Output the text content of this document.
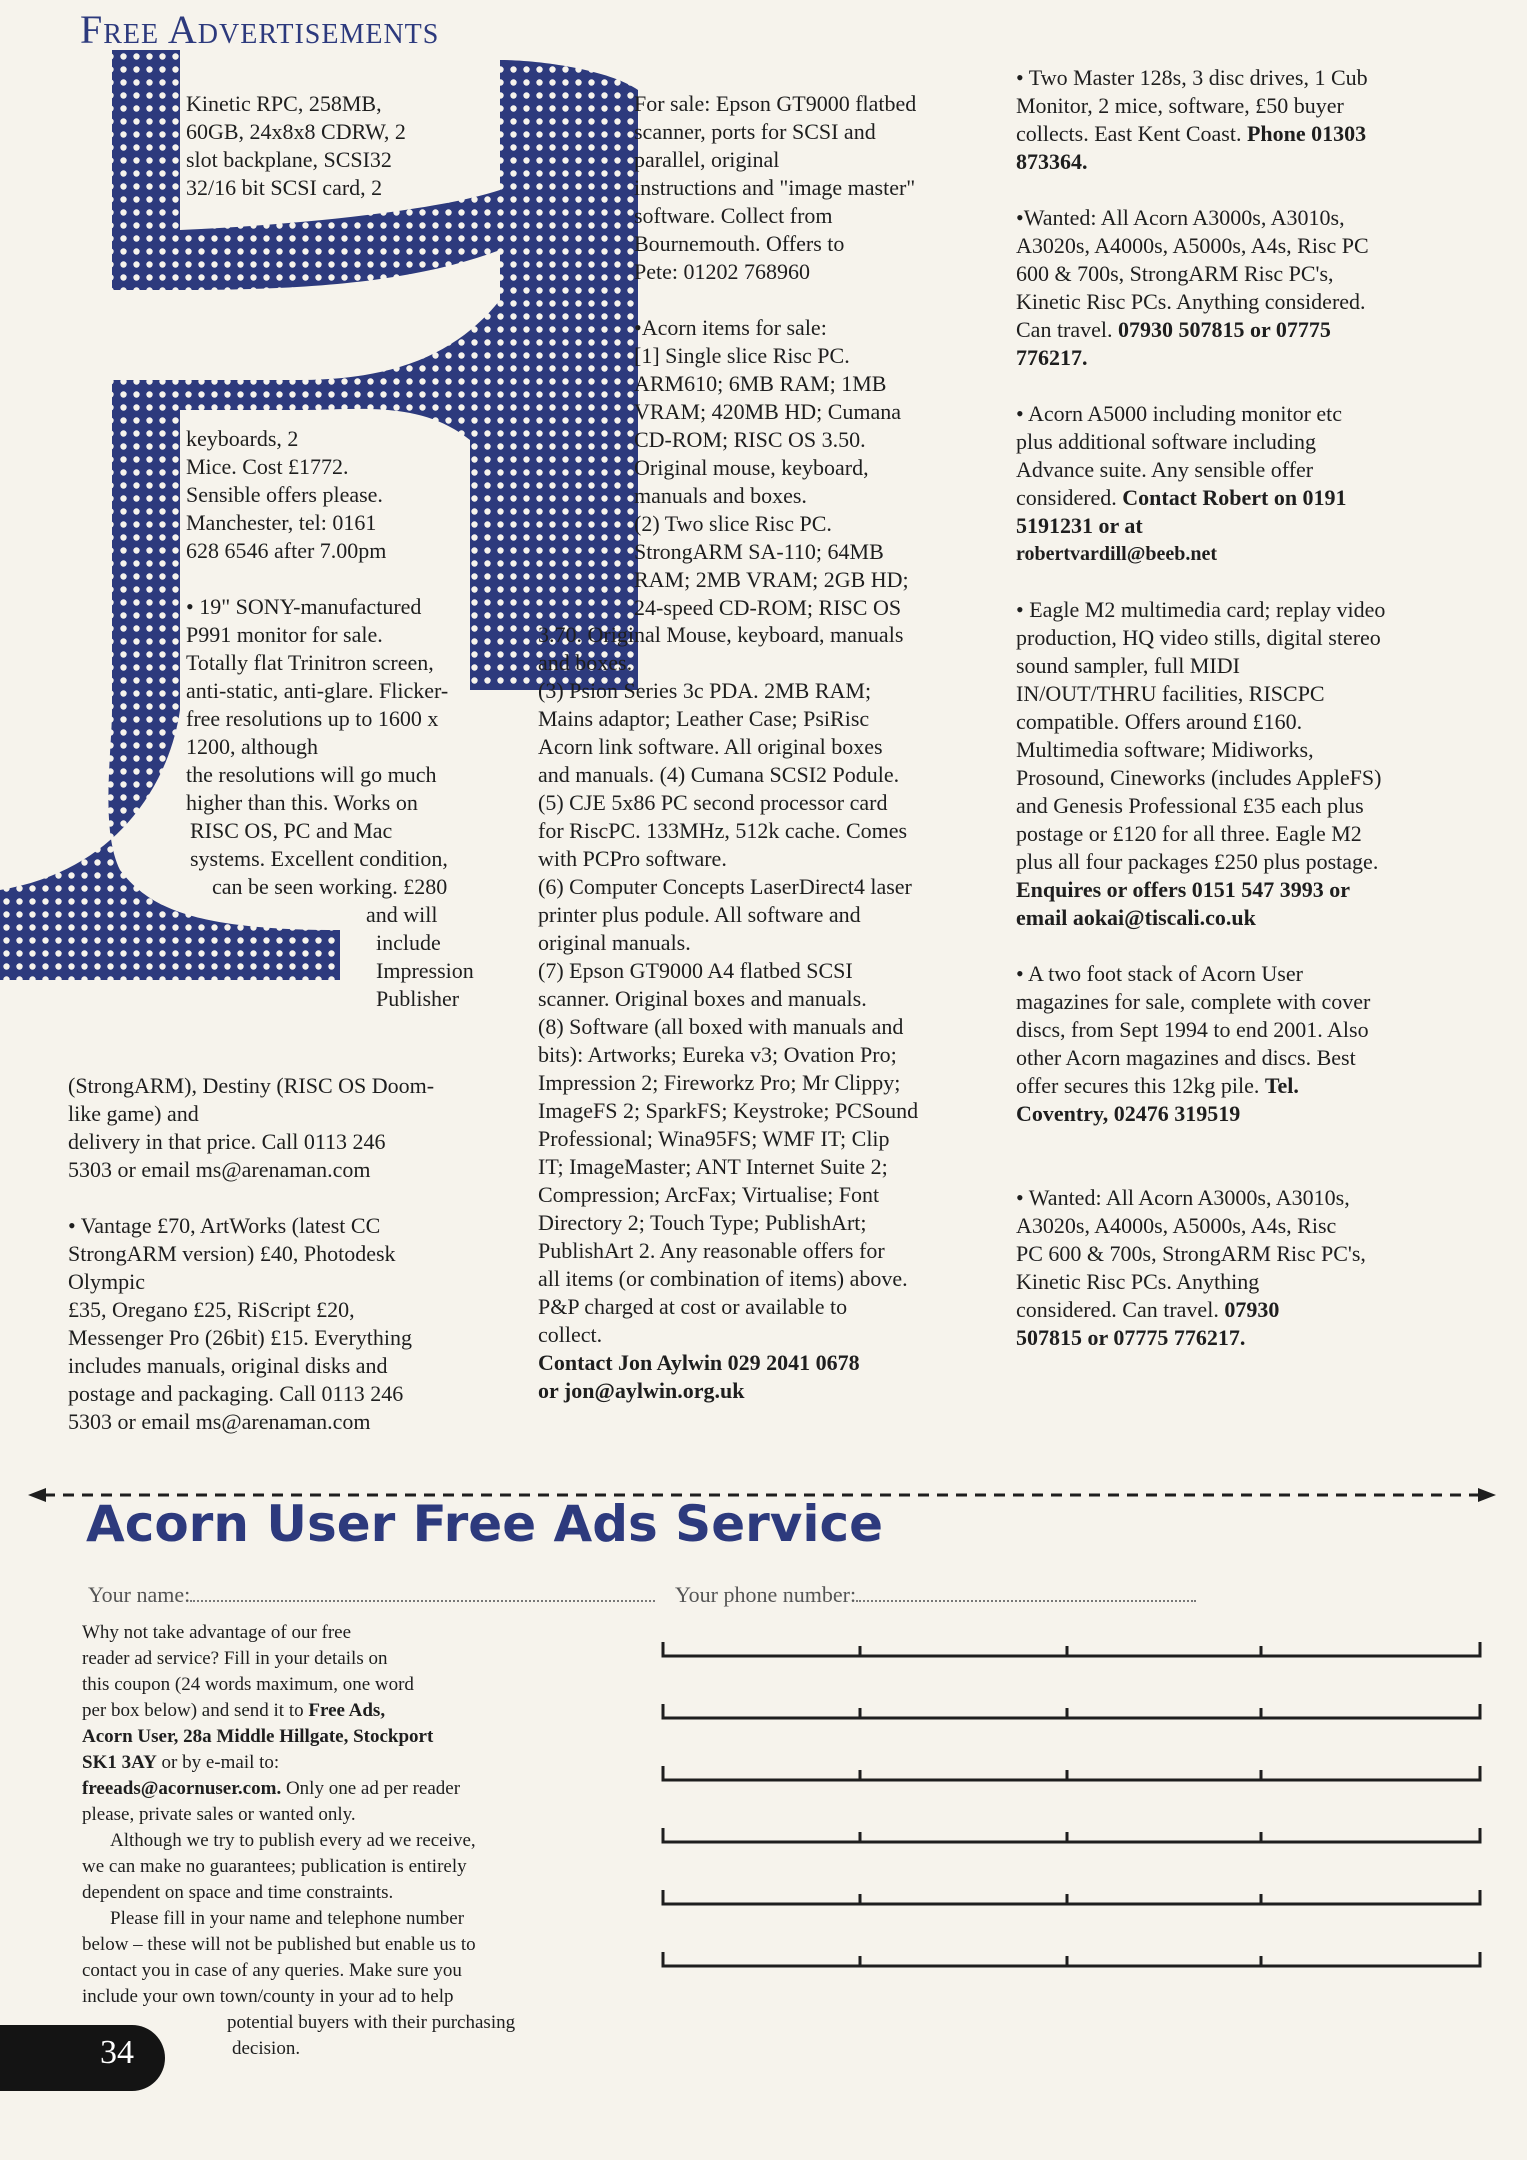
Free Advertisements

Kinetic RPC, 258MB,
60GB, 24x8x8 CDRW, 2
slot backplane, SCSI32
32/16 bit SCSI card, 2

keyboards, 2
Mice. Cost £1772.
Sensible offers please.
Manchester, tel: 0161
628 6546 after 7.00pm

• 19" SONY-manufactured
P991 monitor for sale.
Totally flat Trinitron screen,
anti-static, anti-glare. Flicker-
free resolutions up to 1600 x
1200, although
the resolutions will go much
higher than this. Works on
RISC OS, PC and Mac
systems. Excellent condition,
can be seen working. £280
and will
include
Impression
Publisher

(StrongARM), Destiny (RISC OS Doom-
like game) and
delivery in that price. Call 0113 246
5303 or email ms@arenaman.com

• Vantage £70, ArtWorks (latest CC
StrongARM version) £40, Photodesk
Olympic
£35, Oregano £25, RiScript £20,
Messenger Pro (26bit) £15. Everything
includes manuals, original disks and
postage and packaging. Call 0113 246
5303 or email ms@arenaman.com

For sale: Epson GT9000 flatbed
scanner, ports for SCSI and
parallel, original
instructions and "image master"
software. Collect from
Bournemouth. Offers to
Pete: 01202 768960

•Acorn items for sale:
[1] Single slice Risc PC.
ARM610; 6MB RAM; 1MB
VRAM; 420MB HD; Cumana
CD-ROM; RISC OS 3.50.
Original mouse, keyboard,
manuals and boxes.
(2) Two slice Risc PC.
StrongARM SA-110; 64MB
RAM; 2MB VRAM; 2GB HD;
24-speed CD-ROM; RISC OS

3.70. Original Mouse, keyboard, manuals
and boxes.
(3) Psion Series 3c PDA. 2MB RAM;
Mains adaptor; Leather Case; PsiRisc
Acorn link software. All original boxes
and manuals. (4) Cumana SCSI2 Podule.
(5) CJE 5x86 PC second processor card
for RiscPC. 133MHz, 512k cache. Comes
with PCPro software.
(6) Computer Concepts LaserDirect4 laser
printer plus podule. All software and
original manuals.
(7) Epson GT9000 A4 flatbed SCSI
scanner. Original boxes and manuals.
(8) Software (all boxed with manuals and
bits): Artworks; Eureka v3; Ovation Pro;
Impression 2; Fireworkz Pro; Mr Clippy;
ImageFS 2; SparkFS; Keystroke; PCSound
Professional; Wina95FS; WMF IT; Clip
IT; ImageMaster; ANT Internet Suite 2;
Compression; ArcFax; Virtualise; Font
Directory 2; Touch Type; PublishArt;
PublishArt 2. Any reasonable offers for
all items (or combination of items) above.
P&P charged at cost or available to
collect.
Contact Jon Aylwin 029 2041 0678
or jon@aylwin.org.uk

• Two Master 128s, 3 disc drives, 1 Cub
Monitor, 2 mice, software, £50 buyer
collects. East Kent Coast. Phone 01303
873364.

•Wanted: All Acorn A3000s, A3010s,
A3020s, A4000s, A5000s, A4s, Risc PC
600 & 700s, StrongARM Risc PC's,
Kinetic Risc PCs. Anything considered.
Can travel. 07930 507815 or 07775
776217.

• Acorn A5000 including monitor etc
plus additional software including
Advance suite. Any sensible offer
considered. Contact Robert on 0191
5191231 or at
robertvardill@beeb.net

• Eagle M2 multimedia card; replay video
production, HQ video stills, digital stereo
sound sampler, full MIDI
IN/OUT/THRU facilities, RISCPC
compatible. Offers around £160.
Multimedia software; Midiworks,
Prosound, Cineworks (includes AppleFS)
and Genesis Professional £35 each plus
postage or £120 for all three. Eagle M2
plus all four packages £250 plus postage.
Enquires or offers 0151 547 3993 or
email aokai@tiscali.co.uk

• A two foot stack of Acorn User
magazines for sale, complete with cover
discs, from Sept 1994 to end 2001. Also
other Acorn magazines and discs. Best
offer secures this 12kg pile. Tel.
Coventry, 02476 319519

• Wanted: All Acorn A3000s, A3010s,
A3020s, A4000s, A5000s, A4s, Risc
PC 600 & 700s, StrongARM Risc PC's,
Kinetic Risc PCs. Anything
considered. Can travel. 07930
507815 or 07775 776217.

Acorn User Free Ads Service
Your name:	Your phone number:

Why not take advantage of our free
reader ad service? Fill in your details on
this coupon (24 words maximum, one word
per box below) and send it to Free Ads,
Acorn User, 28a Middle Hillgate, Stockport
SK1 3AY or by e-mail to:
freeads@acornuser.com. Only one ad per reader
please, private sales or wanted only.

Although we try to publish every ad we receive,
we can make no guarantees; publication is entirely
dependent on space and time constraints.

Please fill in your name and telephone number
below – these will not be published but enable us to
contact you in case of any queries. Make sure you
include your own town/county in your ad to help
potential buyers with their purchasing
decision.

34
